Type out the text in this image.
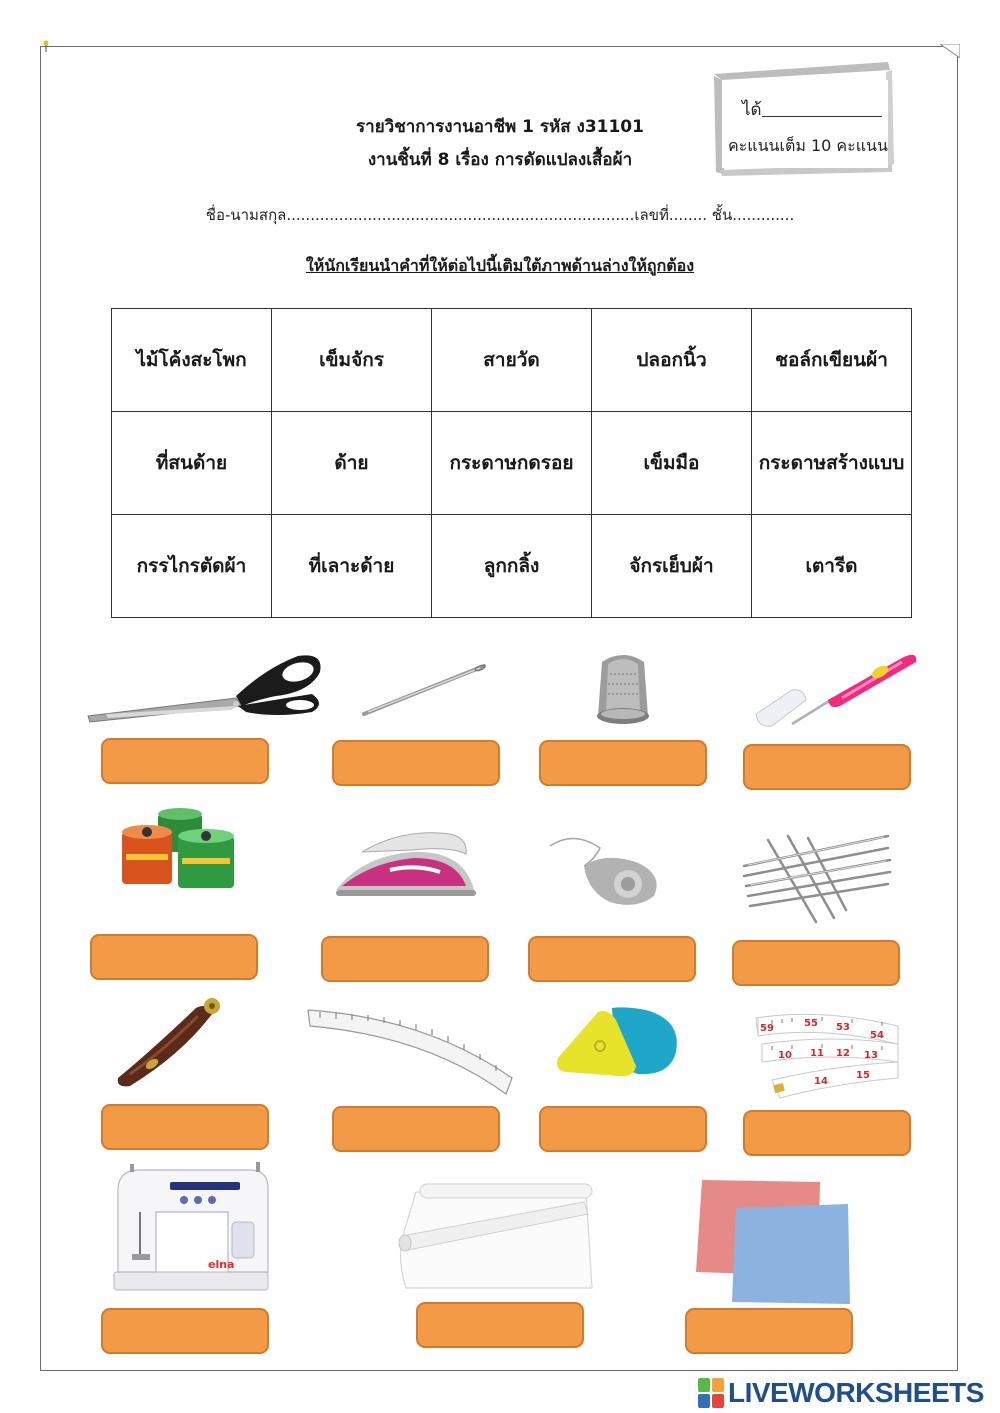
รายวิชาการงานอาชีพ 1 รหัส ง31101
งานชิ้นที่ 8 เรื่อง การดัดแปลงเสื้อผ้า
ได้
คะแนนเต็ม 10 คะแนน
ชื่อ-นามสกุล.........................................................................เลขที่........ ชั้น.............
ให้นักเรียนนำคำที่ให้ต่อไปนี้เติมใต้ภาพด้านล่างให้ถูกต้อง
ไม้โค้งสะโพก	เข็มจักร	สายวัด	ปลอกนิ้ว	ชอล์กเขียนผ้า
ที่สนด้าย	ด้าย	กระดาษกดรอย	เข็มมือ	กระดาษสร้างแบบ
กรรไกรตัดผ้า	ที่เลาะด้าย	ลูกกลิ้ง	จักรเย็บผ้า	เตารีด
59	55
54
53
10 11 12 13
14
15
elna
LIVEWORKSHEETS
